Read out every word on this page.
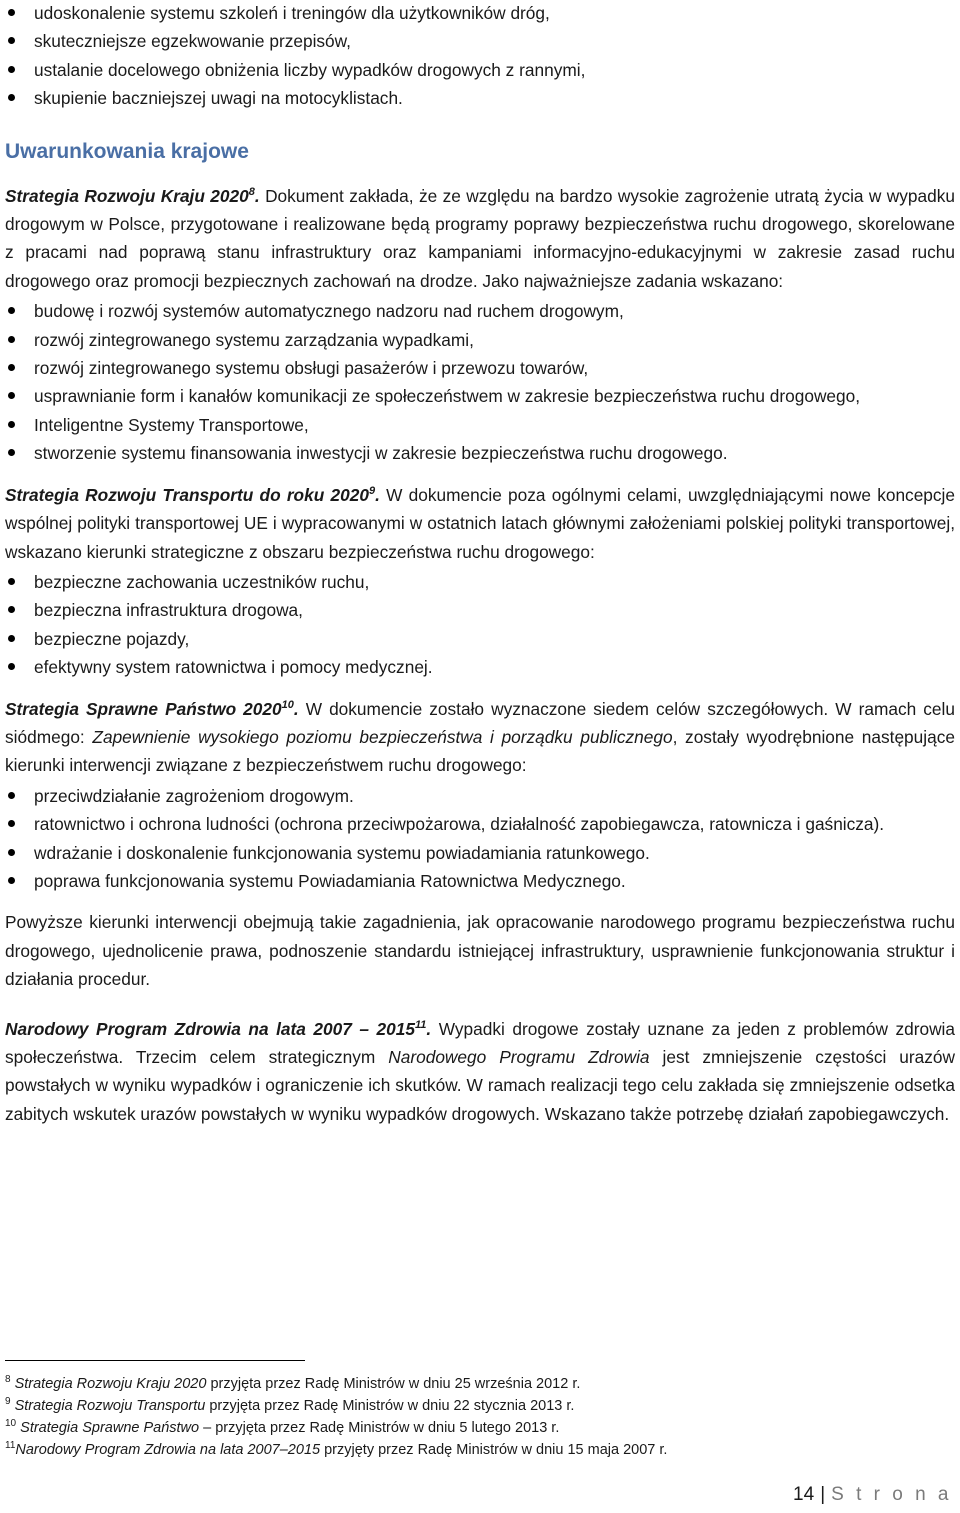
udoskonalenie systemu szkoleń i treningów dla użytkowników dróg,
skuteczniejsze egzekwowanie przepisów,
ustalanie docelowego obniżenia liczby wypadków drogowych z rannymi,
skupienie baczniejszej uwagi na motocyklistach.
Uwarunkowania krajowe

Strategia Rozwoju Kraju 2020$^8$. Dokument zakłada, że ze względu na bardzo wysokie zagrożenie utratą życia w wypadku drogowym w Polsce, przygotowane i realizowane będą programy poprawy bezpieczeństwa ruchu drogowego, skorelowane z pracami nad poprawą stanu infrastruktury oraz kampaniami informacyjno-edukacyjnymi w zakresie zasad ruchu drogowego oraz promocji bezpiecznych zachowań na drodze. Jako najważniejsze zadania wskazano:

budowę i rozwój systemów automatycznego nadzoru nad ruchem drogowym,
rozwój zintegrowanego systemu zarządzania wypadkami,
rozwój zintegrowanego systemu obsługi pasażerów i przewozu towarów,
usprawnianie form i kanałów komunikacji ze społeczeństwem w zakresie bezpieczeństwa ruchu drogowego,
Inteligentne Systemy Transportowe,
stworzenie systemu finansowania inwestycji w zakresie bezpieczeństwa ruchu drogowego.

Strategia Rozwoju Transportu do roku 2020$^9$. W dokumencie poza ogólnymi celami, uwzględniającymi nowe koncepcje wspólnej polityki transportowej UE i wypracowanymi w ostatnich latach głównymi założeniami polskiej polityki transportowej, wskazano kierunki strategiczne z obszaru bezpieczeństwa ruchu drogowego:

bezpieczne zachowania uczestników ruchu,
bezpieczna infrastruktura drogowa,
bezpieczne pojazdy,
efektywny system ratownictwa i pomocy medycznej.

Strategia Sprawne Państwo 2020$^{10}$. W dokumencie zostało wyznaczone siedem celów szczegółowych. W ramach celu siódmego: Zapewnienie wysokiego poziomu bezpieczeństwa i porządku publicznego, zostały wyodrębnione następujące kierunki interwencji związane z bezpieczeństwem ruchu drogowego:

przeciwdziałanie zagrożeniom drogowym.
ratownictwo i ochrona ludności (ochrona przeciwpożarowa, działalność zapobiegawcza, ratownicza i gaśnicza).
wdrażanie i doskonalenie funkcjonowania systemu powiadamiania ratunkowego.
poprawa funkcjonowania systemu Powiadamiania Ratownictwa Medycznego.

Powyższe kierunki interwencji obejmują takie zagadnienia, jak opracowanie narodowego programu bezpieczeństwa ruchu drogowego, ujednolicenie prawa, podnoszenie standardu istniejącej infrastruktury, usprawnienie funkcjonowania struktur i działania procedur.

Narodowy Program Zdrowia na lata 2007 – 2015$^{11}$. Wypadki drogowe zostały uznane za jeden z problemów zdrowia społeczeństwa. Trzecim celem strategicznym Narodowego Programu Zdrowia jest zmniejszenie częstości urazów powstałych w wyniku wypadków i ograniczenie ich skutków. W ramach realizacji tego celu zakłada się zmniejszenie odsetka zabitych wskutek urazów powstałych w wyniku wypadków drogowych. Wskazano także potrzebę działań zapobiegawczych.

$^8$ Strategia Rozwoju Kraju 2020 przyjęta przez Radę Ministrów w dniu 25 września 2012 r.

$^9$ Strategia Rozwoju Transportu przyjęta przez Radę Ministrów w dniu 22 stycznia 2013 r.

$^{10}$ Strategia Sprawne Państwo – przyjęta przez Radę Ministrów w dniu 5 lutego 2013 r.

$^{11}$Narodowy Program Zdrowia na lata 2007–2015 przyjęty przez Radę Ministrów w dniu 15 maja 2007 r.

14 | S t r o n a
